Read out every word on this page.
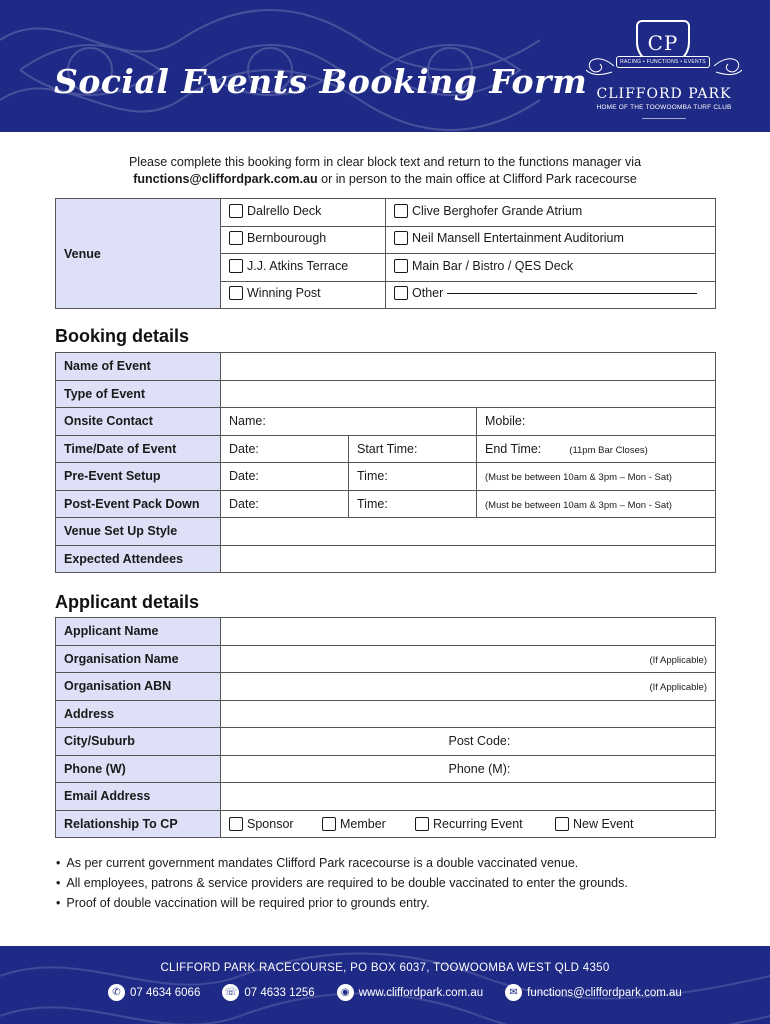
Social Events Booking Form
CP
RACING • FUNCTIONS • EVENTS
CLIFFORD PARK
HOME OF THE TOOWOOMBA TURF CLUB
Please complete this booking form in clear block text and return to the functions manager via
functions@cliffordpark.com.au or in person to the main office at Clifford Park racecourse
Venue	Dalrello Deck	Clive Berghofer Grande Atrium

	Bernbourough	Neil Mansell Entertainment Auditorium

	J.J. Atkins Terrace	Main Bar / Bistro / QES Deck

	Winning Post	Other
Booking details
Name of Event			
Type of Event			
Onsite Contact	Name:		Mobile:
Time/Date of Event	Date:	Start Time:	End Time: (11pm Bar Closes)
Pre-Event Setup	Date:	Time:	(Must be between 10am & 3pm – Mon - Sat)
Post-Event Pack Down	Date:	Time:	(Must be between 10am & 3pm – Mon - Sat)
Venue Set Up Style			
Expected Attendees			
Applicant details
Applicant Name		
Organisation Name	(If Applicable)	
Organisation ABN	(If Applicable)	
Address		
City/Suburb		Post Code:
Phone (W)		Phone (M):
Email Address		
Relationship To CP	Sponsor Member Recurring Event New Event	
• As per current government mandates Clifford Park racecourse is a double vaccinated venue.
• All employees, patrons & service providers are required to be double vaccinated to enter the grounds.
• Proof of double vaccination will be required prior to grounds entry.
CLIFFORD PARK RACECOURSE, PO BOX 6037, TOOWOOMBA WEST QLD 4350
✆ 07 4634 6066 ☏ 07 4633 1256	◉ www.cliffordpark.com.au	✉ functions@cliffordpark.com.au
